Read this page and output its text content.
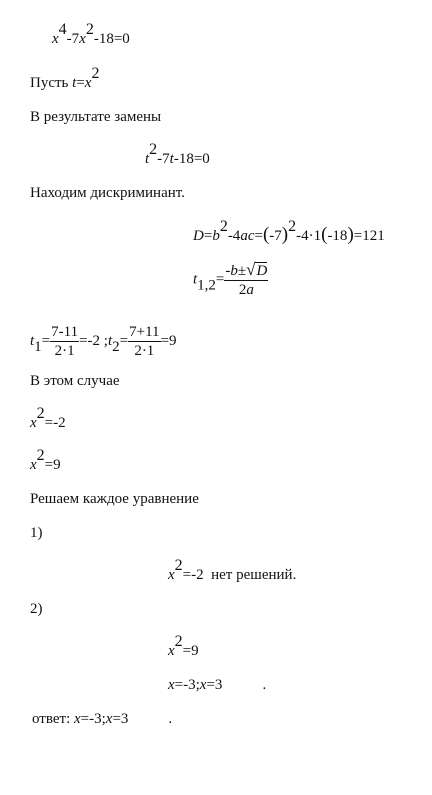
$x^4-7x^2-18=0$
Пусть $t=x^2$
В результате замены
$t^2-7t-18=0$
Находим дискриминант.
$D=b^2-4ac=(-7)^2-4\cdot 1(-18)=121$
$t_{1,2}= \frac{-b\pm√D}{2a}$
$t_1= \frac{7-11}{2\cdot 1} =-2$ $;t_2= \frac{7+11}{2\cdot 1} =9$
В этом случае
$x^2=-2$
$x^2=9$
Решаем каждое уравнение
1)
$x^2=-2$  нет решений.
2)
$x^2=9$
x=-3;x=3	.
ответ: x=-3;x=3	.
